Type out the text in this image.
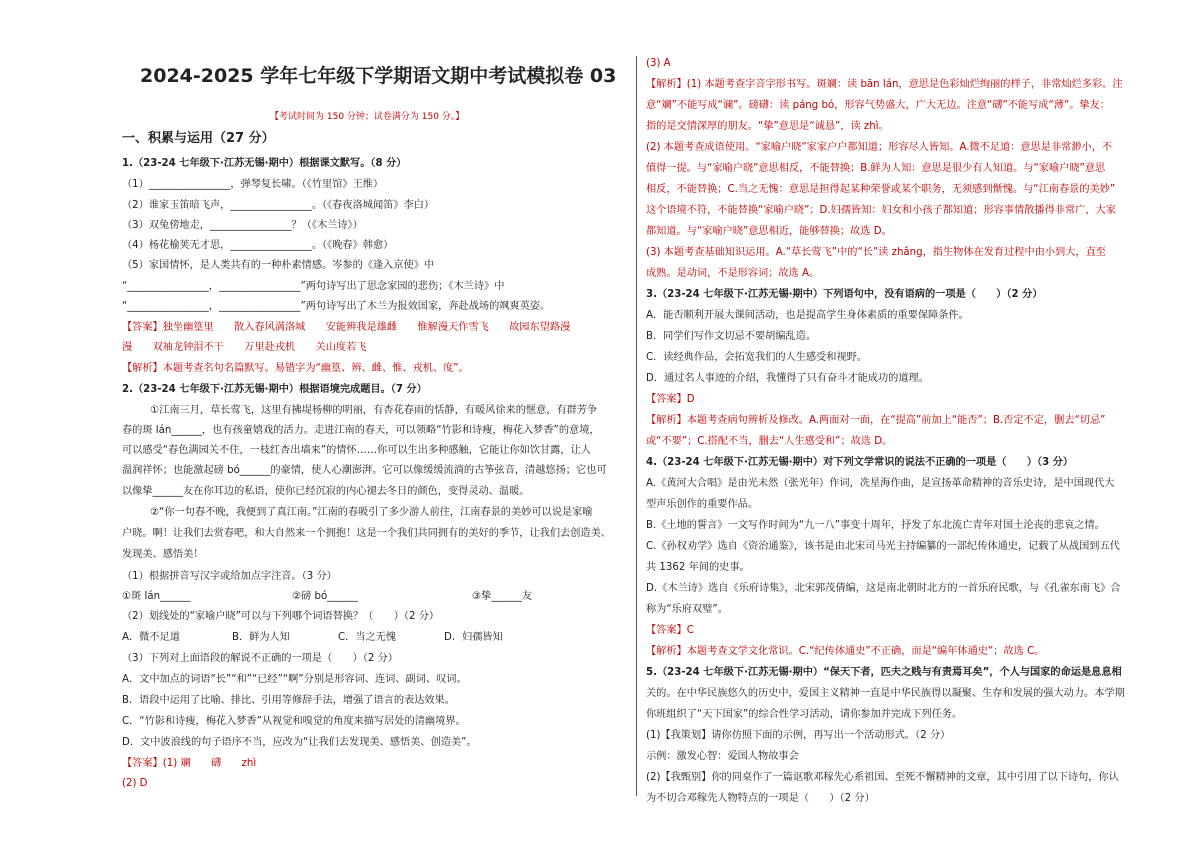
2024-2025 学年七年级下学期语文期中考试模拟卷 03
【考试时间为 150 分钟；试卷满分为 150 分。】
一、积累与运用（27 分）
1.（23-24 七年级下·江苏无锡·期中）根据课文默写。（8 分）
（1）________________，弹琴复长啸。（《竹里馆》王维）
（2）谁家玉笛暗飞声，________________。（《春夜洛城闻笛》李白）
（3）双兔傍地走，________________？（《木兰诗》）
（4）杨花榆荚无才思，________________。（《晚春》韩愈）
（5）家国情怀，是人类共有的一种朴素情感。岑参的《逢入京使》中
“________________，________________”两句诗写出了思念家园的悲伤；《木兰诗》中
“________________，________________”两句诗写出了木兰为报效国家，奔赴战场的飒爽英姿。
【答案】独坐幽篁里　　散入春风满洛城　　安能辨我是雄雌　　惟解漫天作雪飞　　故园东望路漫
漫　　双袖龙钟泪不干　　万里赴戎机　　关山度若飞
【解析】本题考查名句名篇默写。易错字为“幽篁、辨、雌、惟、戎机、度”。
2.（23-24 七年级下·江苏无锡·期中）根据语境完成题目。（7 分）
①江南三月，草长莺飞，这里有拂堤杨柳的明丽，有杏花春雨的恬静，有暖风徐来的惬意，有群芳争
春的斑 lán______，也有孩童嬉戏的活力。走进江南的春天，可以领略“竹影和诗瘦，梅花入梦香”的意境，
可以感受“春色满园关不住，一枝红杏出墙来”的情怀……你可以生出多种感触，它能让你如饮甘露，让人
温润祥怀；也能激起磅 bó______的豪情，使人心潮澎湃。它可以像缓缓流淌的古筝弦音，清越悠扬；它也可
以像挚______友在你耳边的私语，使你已经沉寂的内心褪去冬日的颜色，变得灵动、温暖。
②“你一句春不晚，我便到了真江南。”江南的春吸引了多少游人前往，江南春景的美妙可以说是家喻
户晓。啊！让我们去赏春吧，和大自然来一个拥抱！这是一个我们共同拥有的美好的季节，让我们去创造美、
发现美、感悟美！
（1）根据拼音写汉字或给加点字注音。（3 分）
①斑 lán______	②磅 bó______	③挚______友
（2）划线处的“家喻户晓”可以与下列哪个词语替换？（　　）（2 分）
A．微不足道	B．鲜为人知	C．当之无愧	D．妇孺皆知
（3）下列对上面语段的解说不正确的一项是（　　）（2 分）
A．文中加点的词语“长”“和”“已经”“啊”分别是形容词、连词、副词、叹词。
B．语段中运用了比喻、排比、引用等修辞手法，增强了语言的表达效果。
C．“竹影和诗瘦，梅花入梦香”从视觉和嗅觉的角度来描写居处的清幽境界。
D．文中波浪线的句子语序不当，应改为“让我们去发现美、感悟美、创造美”。
【答案】(1) 斓　　礴　　zhì
(2) D
(3) A
【解析】(1) 本题考查字音字形书写。斑斓：读 bān lán，意思是色彩灿烂绚丽的样子，非常灿烂多彩。注
意“斓”不能写成“谰”。磅礴：读 páng bó，形容气势盛大，广大无边。注意“礴”不能写成“薄”。挚友：
指的是交情深厚的朋友。“挚”意思是“诚恳”，读 zhì。
(2) 本题考查成语使用。“家喻户晓”家家户户都知道；形容尽人皆知。A.微不足道：意思是非常渺小，不
值得一提。与“家喻户晓”意思相反，不能替换；B.鲜为人知：意思是很少有人知道。与“家喻户晓”意思
相反，不能替换；C.当之无愧：意思是担得起某种荣誉或某个职务，无须感到惭愧。与“江南春景的美妙”
这个语境不符，不能替换“家喻户晓”；D.妇孺皆知：妇女和小孩子都知道；形容事情散播得非常广，大家
都知道。与“家喻户晓”意思相近，能够替换；故选 D。
(3) 本题考查基础知识运用。A.“草长莺飞”中的“长”读 zhǎng，指生物体在发育过程中由小到大，直至
成熟。是动词，不是形容词；故选 A。
3.（23-24 七年级下·江苏无锡·期中）下列语句中，没有语病的一项是（　　）（2 分）
A．能否顺利开展大课间活动，也是提高学生身体素质的重要保障条件。
B．同学们写作文切忌不要胡编乱造。
C．读经典作品，会拓宽我们的人生感受和视野。
D．通过名人事迹的介绍，我懂得了只有奋斗才能成功的道理。
【答案】D
【解析】本题考查病句辨析及修改。A.两面对一面，在“提高”前加上“能否”；B.否定不定，删去“切忌”
或“不要”；C.搭配不当，删去“人生感受和”；故选 D。
4.（23-24 七年级下·江苏无锡·期中）对下列文学常识的说法不正确的一项是（　　）（3 分）
A.《黄河大合唱》是由光未然（张光年）作词，冼星海作曲，是宣扬革命精神的音乐史诗，是中国现代大
型声乐创作的重要作品。
B.《土地的誓言》一文写作时间为“九一八”事变十周年，抒发了东北流亡青年对国土沦丧的悲哀之情。
C.《孙权劝学》选自《资治通鉴》，该书是由北宋司马光主持编纂的一部纪传体通史，记载了从战国到五代
共 1362 年间的史事。
D.《木兰诗》选自《乐府诗集》，北宋郭茂倩编，这是南北朝时北方的一首乐府民歌，与《孔雀东南飞》合
称为“乐府双璧”。
【答案】C
【解析】本题考查文学文化常识。C.“纪传体通史”不正确，而是“编年体通史”；故选 C。
5.（23-24 七年级下·江苏无锡·期中）“保天下者，匹夫之贱与有责焉耳矣”，个人与国家的命运是息息相
关的。在中华民族悠久的历史中，爱国主义精神一直是中华民族得以凝聚、生存和发展的强大动力。本学期
你班组织了“天下国家”的综合性学习活动，请你参加并完成下列任务。
(1)【我策划】请你仿照下面的示例，再写出一个活动形式。（2 分）
示例：激发心智：爱国人物故事会
(2)【我甄别】你的同桌作了一篇讴歌邓稼先心系祖国、至死不懈精神的文章，其中引用了以下诗句，你认
为不切合邓稼先人物特点的一项是（　　）（2 分）
